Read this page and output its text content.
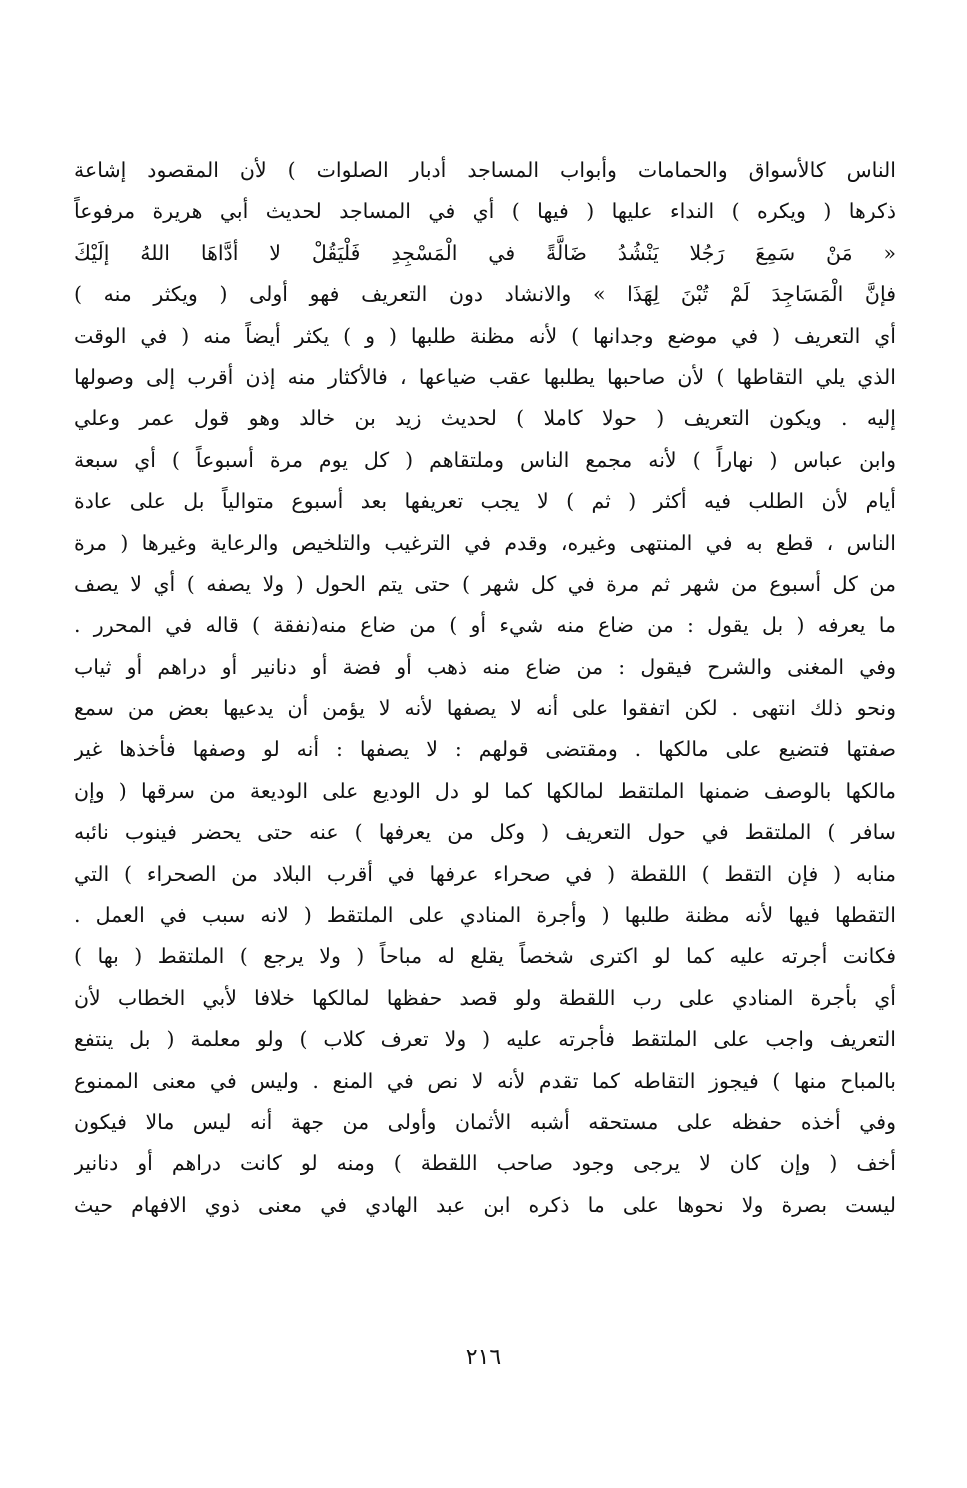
الناس كالأسواق والحمامات وأبواب المساجد أدبار الصلوات ) لأن المقصود إشاعة
ذكرها ( ويكره ) النداء عليها ( فيها ) أي في المساجد لحديث أبي هريرة مرفوعاً
« مَنْ سَمِعَ رَجُلا يَنْشُدُ ضَالَّةً في الْمَسْجِدِ فَلْيَقُلْ لا أدَّاهَا اللهُ إلَيْكَ
فإنَّ الْمَسَاجِدَ لَمْ تُبْنَ لِهَذَا » والانشاد دون التعريف فهو أولى ( ويكثر منه )
أي التعريف ( في موضع وجدانها ) لأنه مظنة طلبها ( و ) يكثر أيضاً منه ( في الوقت
الذي يلي التقاطها ) لأن صاحبها يطلبها عقب ضياعها ، فالأكثار منه إذن أقرب إلى وصولها
إليه . ويكون التعريف ( حولا كاملا ) لحديث زيد بن خالد وهو قول عمر وعلي
وابن عباس ( نهاراً ) لأنه مجمع الناس وملتقاهم ( كل يوم مرة أسبوعاً ) أي سبعة
أيام لأن الطلب فيه أكثر ( ثم ) لا يجب تعريفها بعد أسبوع متوالياً بل على عادة
الناس ، قطع به في المنتهى وغيره، وقدم في الترغيب والتلخيص والرعاية وغيرها ( مرة
من كل أسبوع من شهر ثم مرة في كل شهر ) حتى يتم الحول ( ولا يصفه ) أي لا يصف
ما يعرفه ( بل يقول : من ضاع منه شيء أو ) من ضاع منه(نفقة ) قاله في المحرر .
وفي المغنى والشرح فيقول : من ضاع منه ذهب أو فضة أو دنانير أو دراهم أو ثياب
ونحو ذلك انتهى . لكن اتفقوا على أنه لا يصفها لأنه لا يؤمن أن يدعيها بعض من سمع
صفتها فتضيع على مالكها . ومقتضى قولهم : لا يصفها : أنه لو وصفها فأخذها غير
مالكها بالوصف ضمنها الملتقط لمالكها كما لو دل الوديع على الوديعة من سرقها ( وإن
سافر ) الملتقط في حول التعريف ( وكل من يعرفها ) عنه حتى يحضر فينوب نائبه
منابه ( فإن التقط ) اللقطة ( في صحراء عرفها في أقرب البلاد من الصحراء ) التي
التقطها فيها لأنه مظنة طلبها ( وأجرة المنادي على الملتقط ( لانه سبب في العمل .
فكانت أجرته عليه كما لو اكترى شخصاً يقلع له مباحاً ( ولا يرجع ) الملتقط ( بها )
أي بأجرة المنادي على رب اللقطة ولو قصد حفظها لمالكها خلافا لأبي الخطاب لأن
التعريف واجب على الملتقط فأجرته عليه ( ولا تعرف كلاب ) ولو معلمة ( بل ينتفع
بالمباح منها ) فيجوز التقاطه كما تقدم لأنه لا نص في المنع . وليس في معنى الممنوع
وفي أخذه حفظه على مستحقه أشبه الأثمان وأولى من جهة أنه ليس مالا فيكون
أخف ( وإن كان لا يرجى وجود صاحب اللقطة ) ومنه لو كانت دراهم أو دنانير
ليست بصرة ولا نحوها على ما ذكره ابن عبد الهادي في معنى ذوي الافهام حيث
٢١٦
